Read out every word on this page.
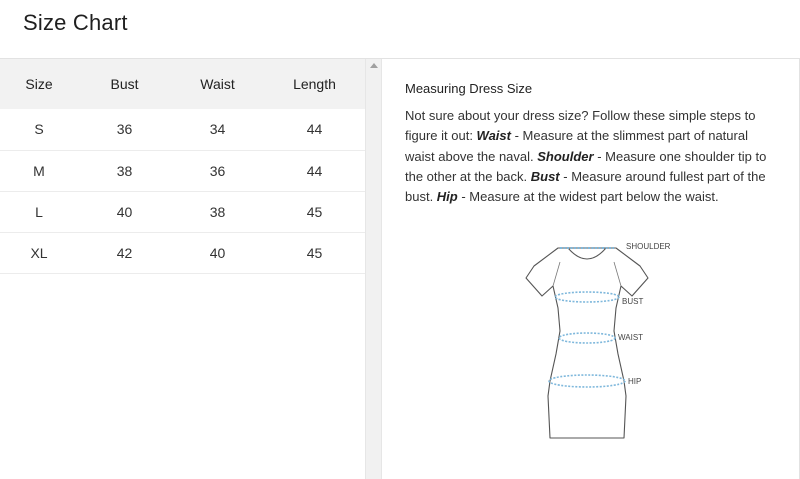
Size Chart
Size	Bust	Waist	Length
S	36	34	44
M	38	36	44
L	40	38	45
XL	42	40	45
Measuring Dress Size

Not sure about your dress size? Follow these simple steps to figure it out: Waist - Measure at the slimmest part of natural waist above the naval. Shoulder - Measure one shoulder tip to the other at the back. Bust - Measure around fullest part of the bust. Hip - Measure at the widest part below the waist.

SHOULDER
BUST
WAIST
HIP
